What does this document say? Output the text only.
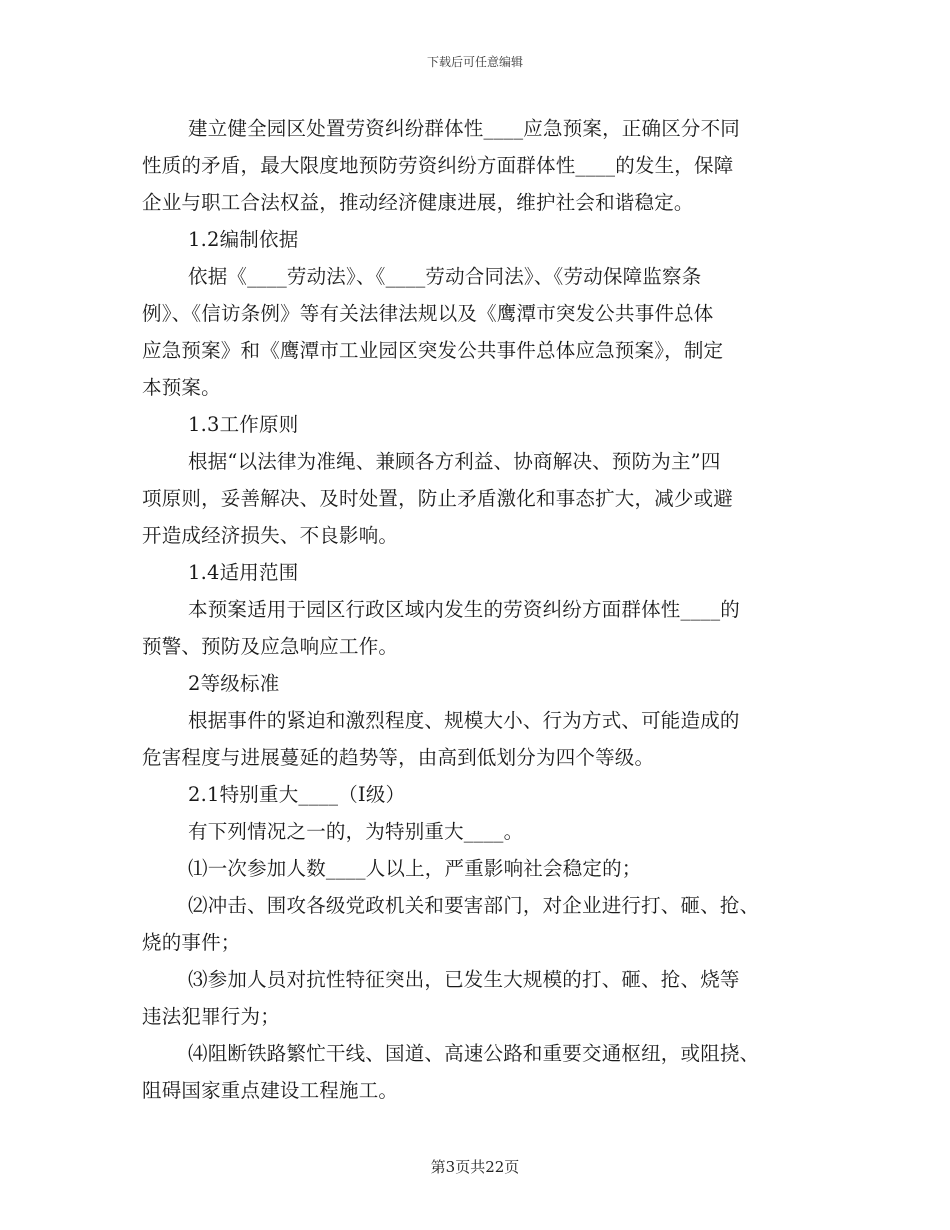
下载后可任意编辑
建立健全园区处置劳资纠纷群体性____应急预案，正确区分不同
性质的矛盾，最大限度地预防劳资纠纷方面群体性____的发生，保障
企业与职工合法权益，推动经济健康进展，维护社会和谐稳定。
1.2编制依据
依据《____劳动法》、《____劳动合同法》、《劳动保障监察条
例》、《信访条例》等有关法律法规以及《鹰潭市突发公共事件总体
应急预案》和《鹰潭市工业园区突发公共事件总体应急预案》，制定
本预案。
1.3工作原则
根据“以法律为准绳、兼顾各方利益、协商解决、预防为主”四
项原则，妥善解决、及时处置，防止矛盾激化和事态扩大，减少或避
开造成经济损失、不良影响。
1.4适用范围
本预案适用于园区行政区域内发生的劳资纠纷方面群体性____的
预警、预防及应急响应工作。
2等级标准
根据事件的紧迫和激烈程度、规模大小、行为方式、可能造成的
危害程度与进展蔓延的趋势等，由高到低划分为四个等级。
2.1特别重大____（Ⅰ级）
有下列情况之一的，为特别重大____。
⑴一次参加人数____人以上，严重影响社会稳定的；
⑵冲击、围攻各级党政机关和要害部门，对企业进行打、砸、抢、
烧的事件；
⑶参加人员对抗性特征突出，已发生大规模的打、砸、抢、烧等
违法犯罪行为；
⑷阻断铁路繁忙干线、国道、高速公路和重要交通枢纽，或阻挠、
阻碍国家重点建设工程施工。
第3页共22页
